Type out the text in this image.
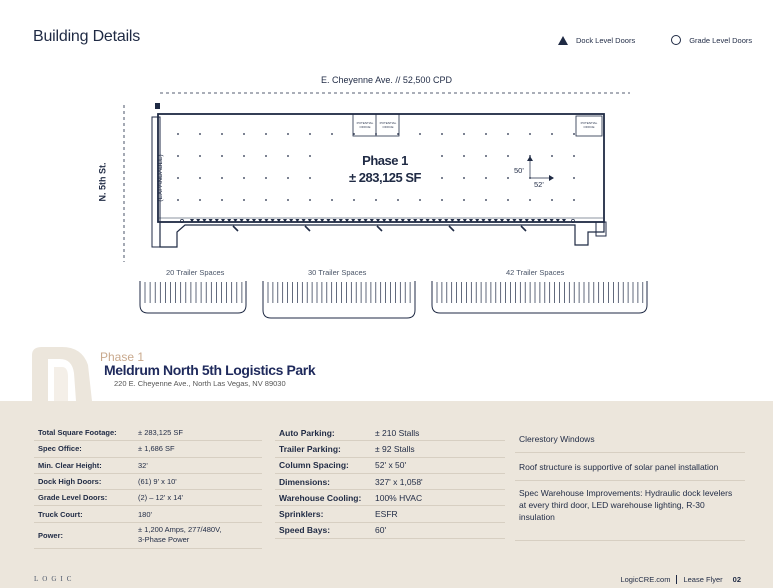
Building Details	Dock Level Doors	Grade Level Doors
E. Cheyenne Ave. // 52,500 CPD
N. 5th St.
POTENTIAL
OFFICE
POTENTIAL
OFFICE
POTENTIAL
OFFICE
(EXPANDABLE)	Phase 1
± 283,125 SF	50'
52'
20 Trailer Spaces	30 Trailer Spaces	42 Trailer Spaces
Phase 1
Meldrum North 5th Logistics Park
220 E. Cheyenne Ave., North Las Vegas, NV 89030
Total Square Footage:	± 283,125 SF
Spec Office:	± 1,686 SF
Min. Clear Height:	32'
Dock High Doors:	(61) 9' x 10'
Grade Level Doors:	(2) – 12' x 14'
Truck Court:	180'
Power:
± 1,200 Amps, 277/480V,
3-Phase Power
Auto Parking:	± 210 Stalls
Trailer Parking:	± 92 Stalls
Column Spacing:	52' x 50'
Dimensions:	327' x 1,058'
Warehouse Cooling:	100% HVAC
Sprinklers:	ESFR
Speed Bays:	60'
Clerestory Windows
Roof structure is supportive of solar panel installation
Spec Warehouse Improvements: Hydraulic dock levelers at every third door, LED warehouse lighting, R-30 insulation
LOGIC	LogicCRE.com Lease Flyer 02
